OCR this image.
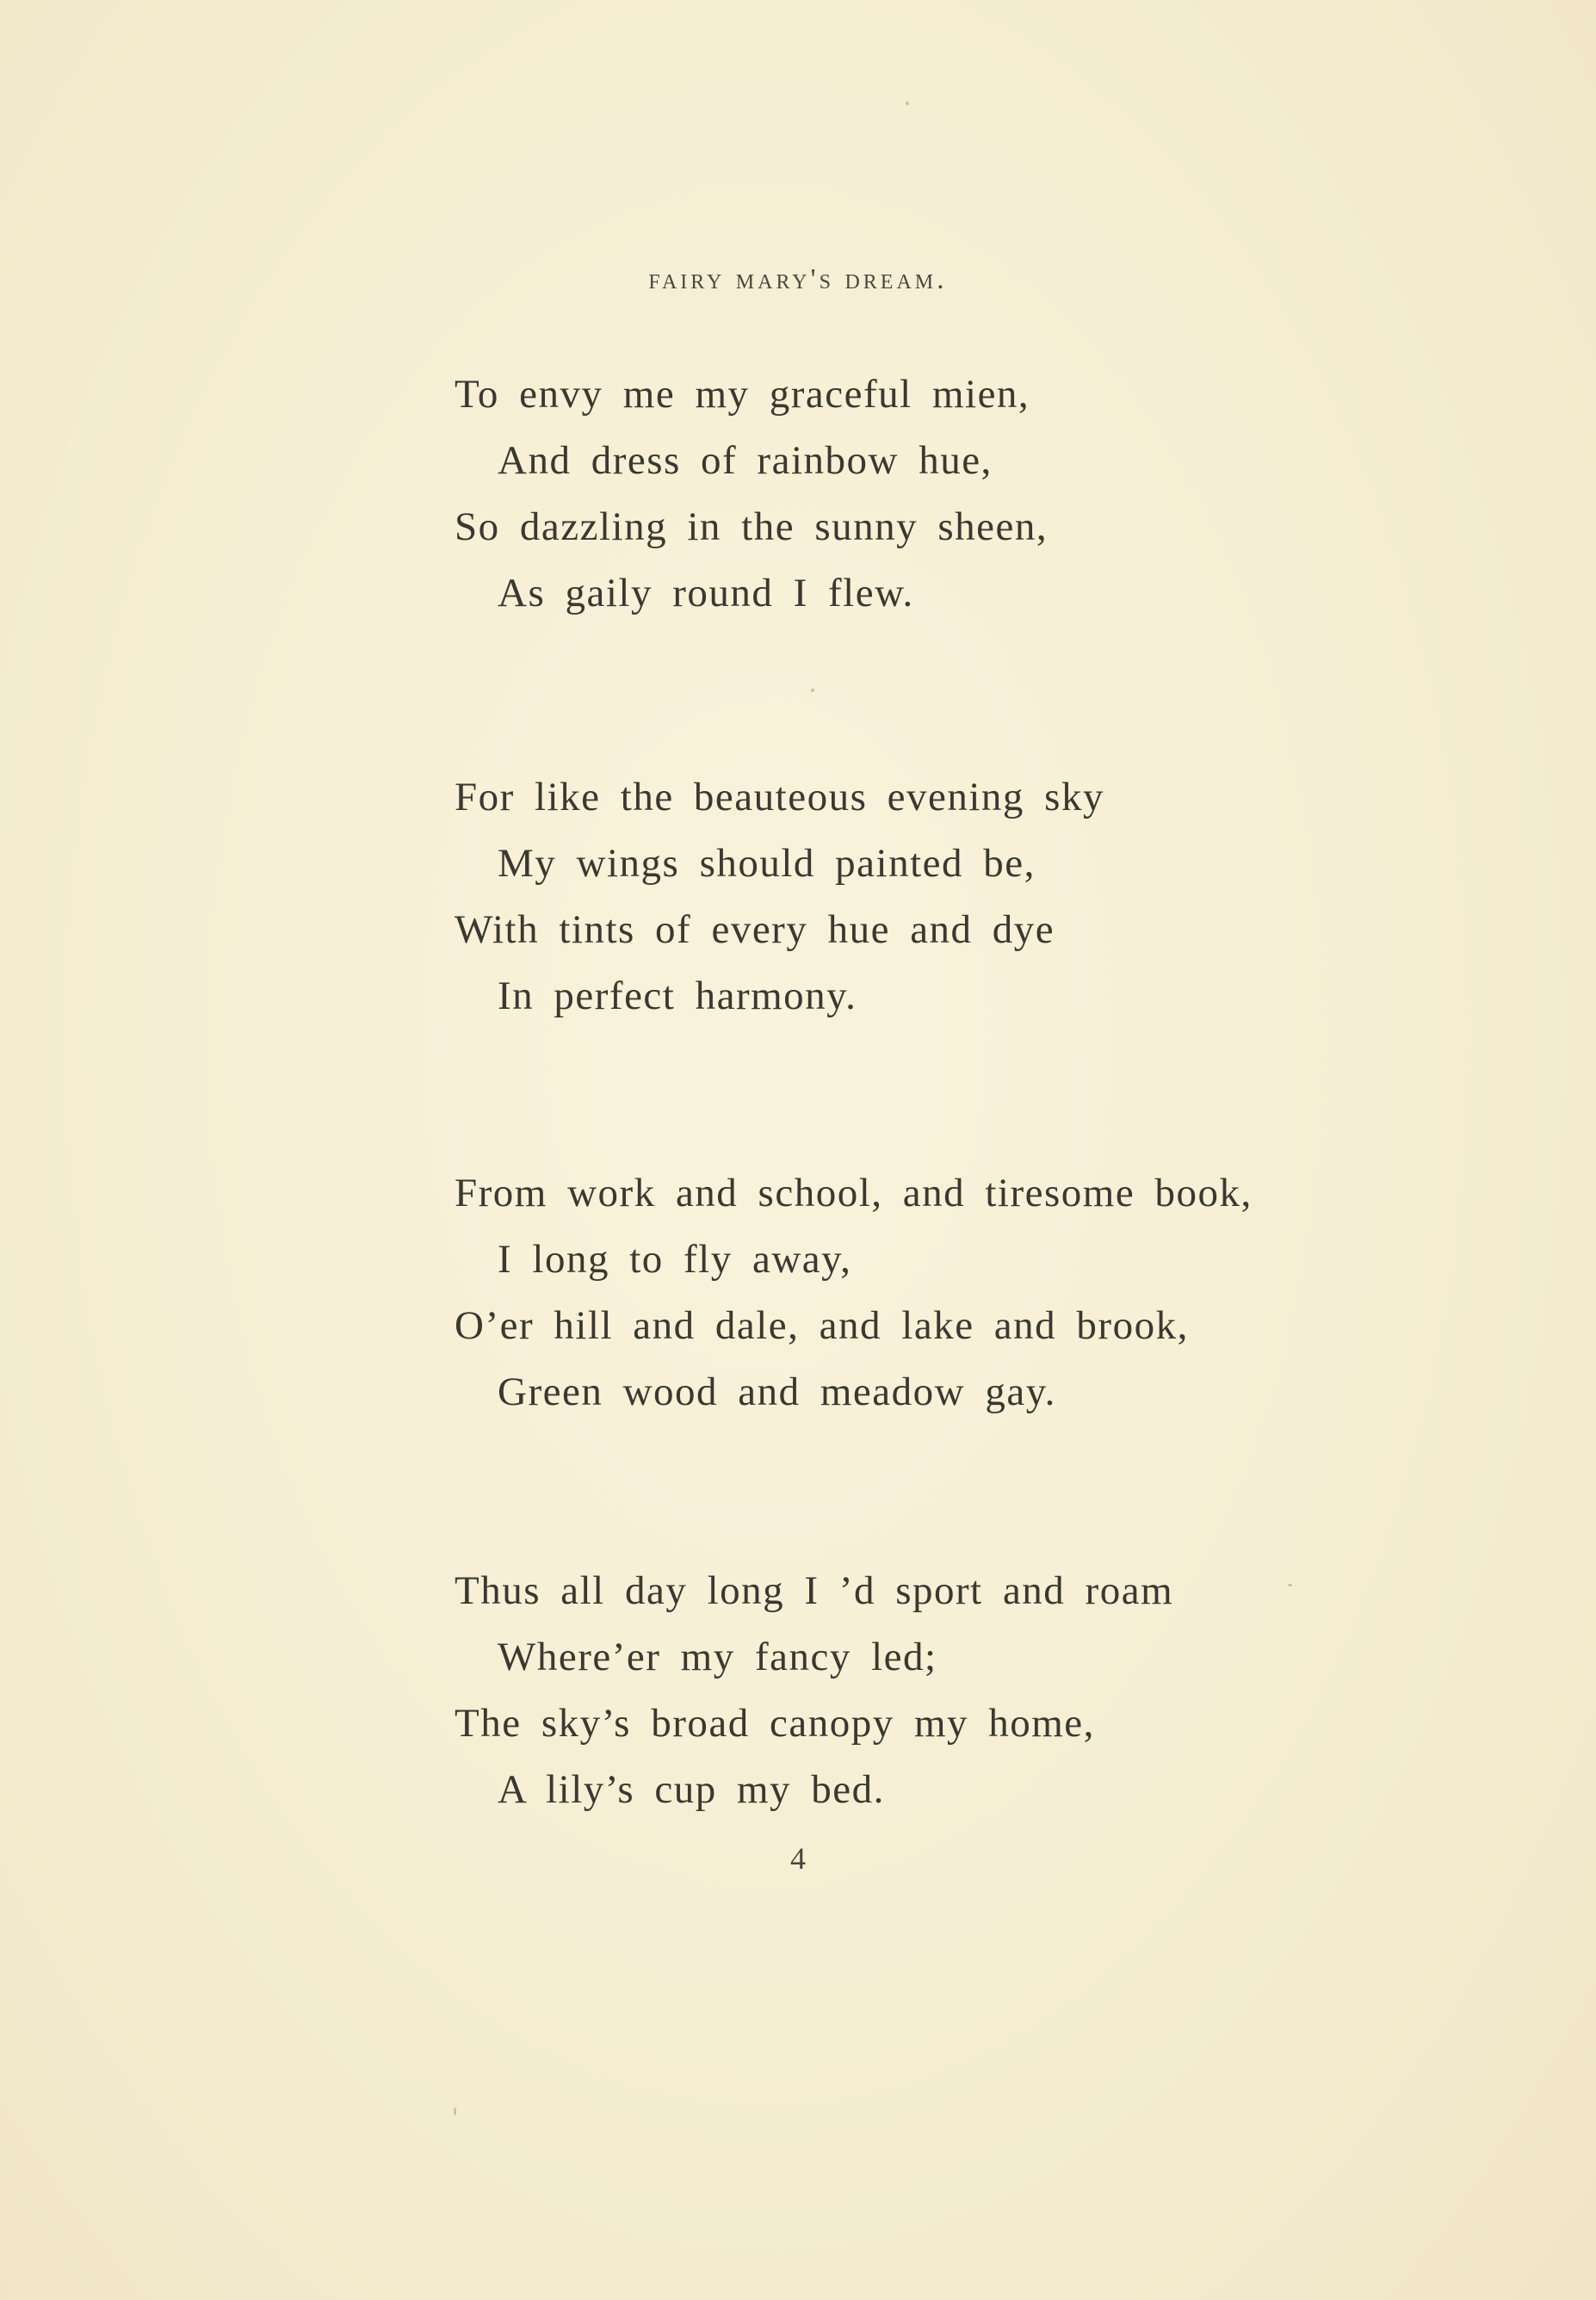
fairy mary's dream.
To envy me my graceful mien,
And dress of rainbow hue,
So dazzling in the sunny sheen,
As gaily round I flew.
For like the beauteous evening sky
My wings should painted be,
With tints of every hue and dye
In perfect harmony.
From work and school, and tiresome book,
I long to fly away,
O’er hill and dale, and lake and brook,
Green wood and meadow gay.
Thus all day long I ’d sport and roam
Where’er my fancy led;
The sky’s broad canopy my home,
A lily’s cup my bed.
4
